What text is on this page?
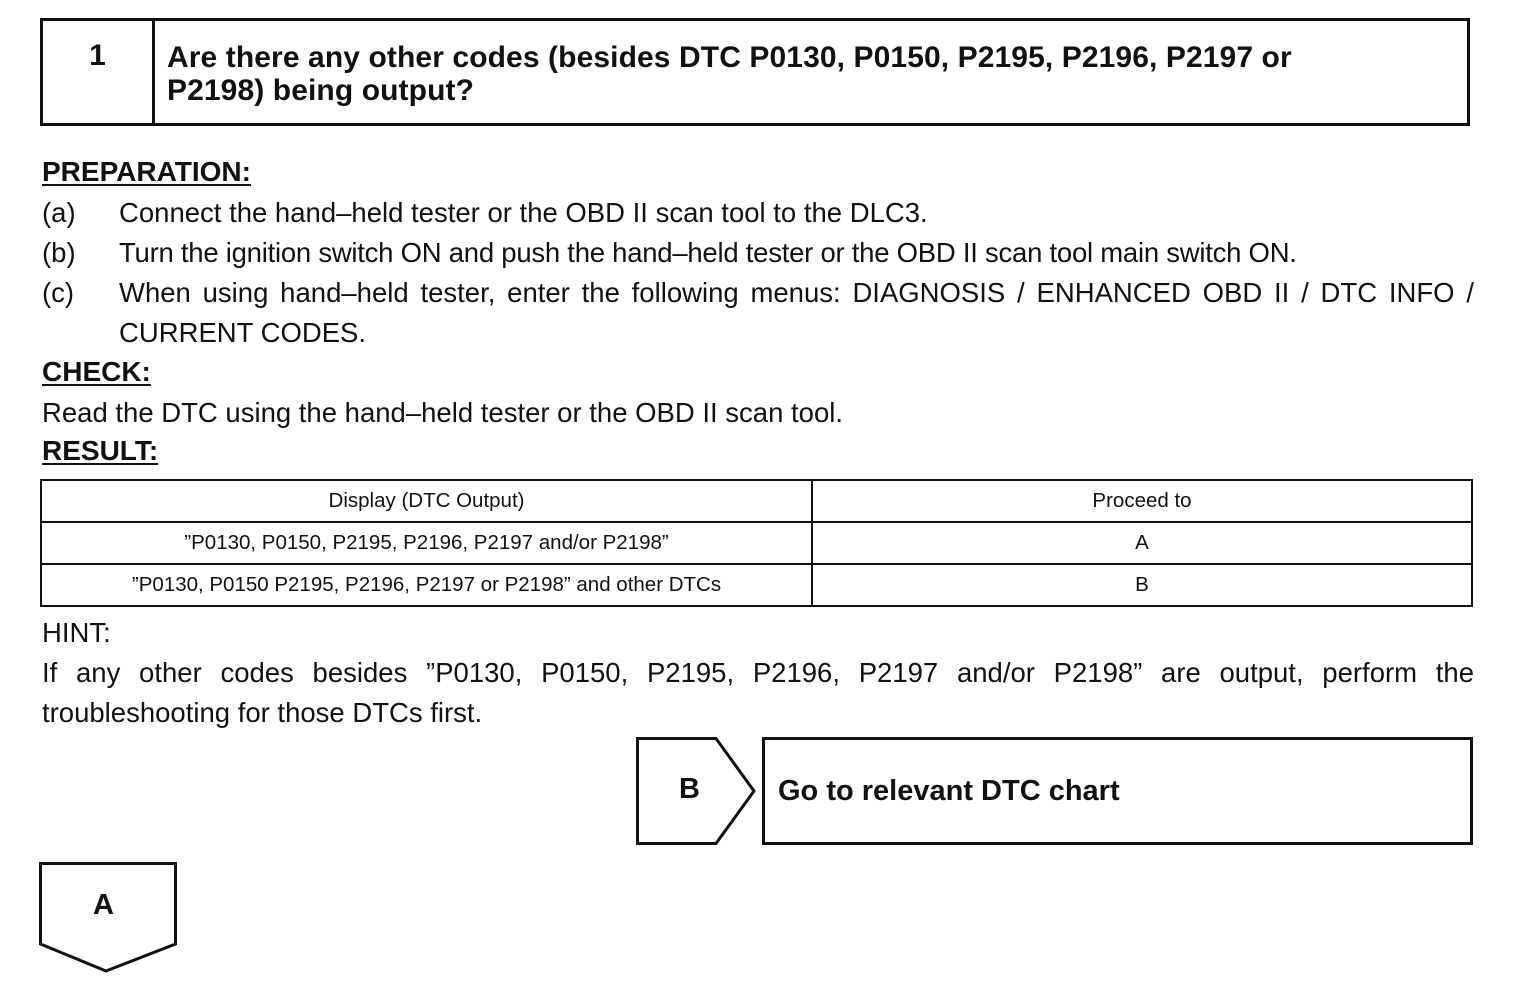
1	Are there any other codes (besides DTC P0130, P0150, P2195, P2196, P2197 or
P2198) being output?
PREPARATION:
(a)	Connect the hand–held tester or the OBD II scan tool to the DLC3.
(b)	Turn the ignition switch ON and push the hand–held tester or the OBD II scan tool main switch ON.
(c)	When using hand–held tester, enter the following menus: DIAGNOSIS / ENHANCED OBD II / DTC INFO / CURRENT CODES.
CHECK:
Read the DTC using the hand–held tester or the OBD II scan tool.
RESULT:
Display (DTC Output)	Proceed to
”P0130, P0150, P2195, P2196, P2197 and/or P2198”	A
”P0130, P0150 P2195, P2196, P2197 or P2198” and other DTCs	B
HINT:
If any other codes besides ”P0130, P0150, P2195, P2196, P2197 and/or P2198” are output, perform the troubleshooting for those DTCs first.
B	Go to relevant DTC chart
A
